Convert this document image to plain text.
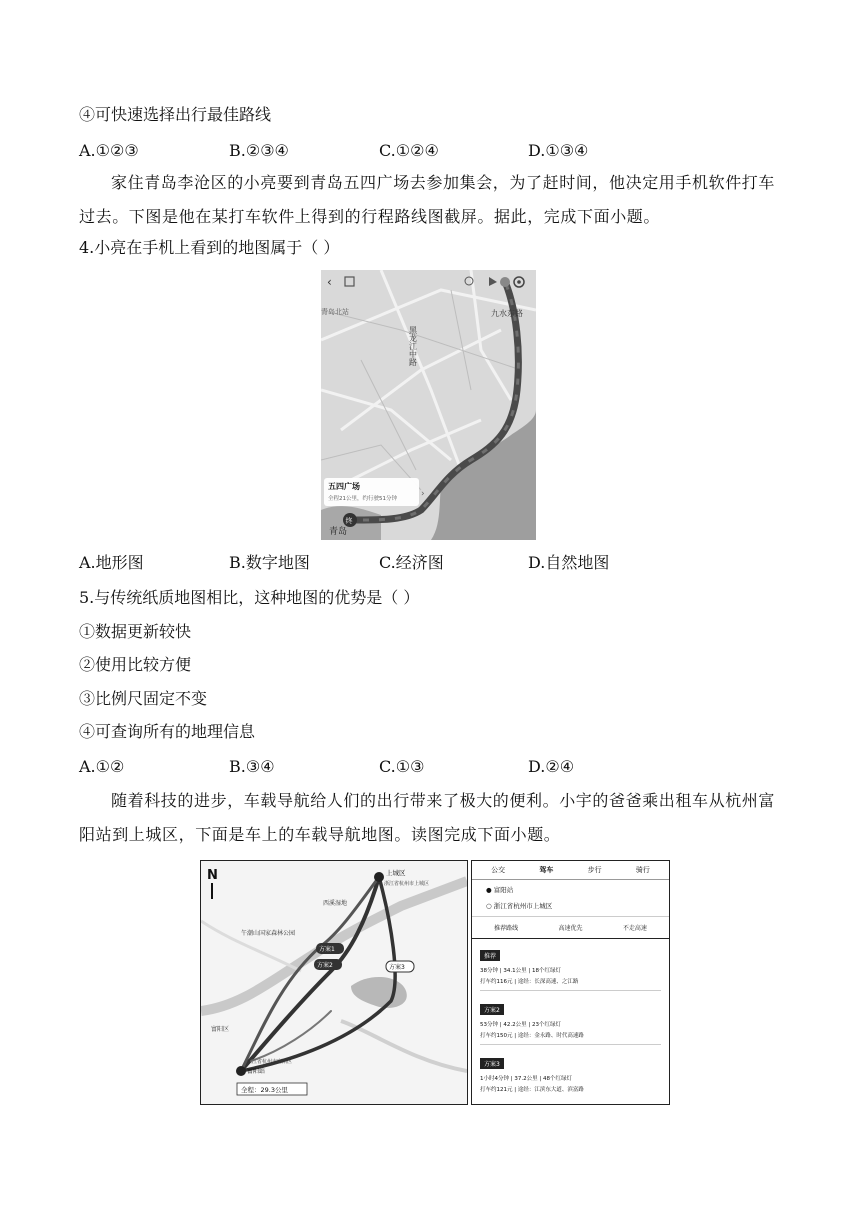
④可快速选择出行最佳路线
A.①②③	B.②③④	C.①②④	D.①③④
家住青岛李沧区的小亮要到青岛五四广场去参加集会，为了赶时间，他决定用手机软件打车过去。下图是他在某打车软件上得到的行程路线图截屏。据此，完成下面小题。
4.小亮在手机上看到的地图属于（ ）
‹
青岛北站	九水东路
黑龙江中路
青岛
五四广场
全程21公里，约行驶51分钟	›
终
A.地形图	B.数字地图	C.经济图	D.自然地图
5.与传统纸质地图相比，这种地图的优势是（ ）
①数据更新较快
②使用比较方便
③比例尺固定不变
④可查询所有的地理信息
A.①②	B.③④	C.①③	D.②④
随着科技的进步，车载导航给人们的出行带来了极大的便利。小宇的爸爸乘出租车从杭州富阳站到上城区，下面是车上的车载导航地图。读图完成下面小题。
N	上城区
浙江省杭州市上城区
西溪湿地
午潮山国家森林公园
方案1
方案2	方案3
富阳区
富阳站
浙江省杭州市富阳区
全程：29.3公里
公交	驾车	步行	骑行
● 富阳站
○ 浙江省杭州市上城区
推荐路线	高速优先	不走高速
推荐
38分钟 | 34.1公里 | 18个红绿灯
打车约116元 | 途经：长深高速、之江路
方案2
53分钟 | 42.2公里 | 23个红绿灯
打车约150元 | 途经：金永路、时代高速路
方案3
1小时4分钟 | 37.2公里 | 48个红绿灯
打车约121元 | 途经：江滨东大道、滨富路
